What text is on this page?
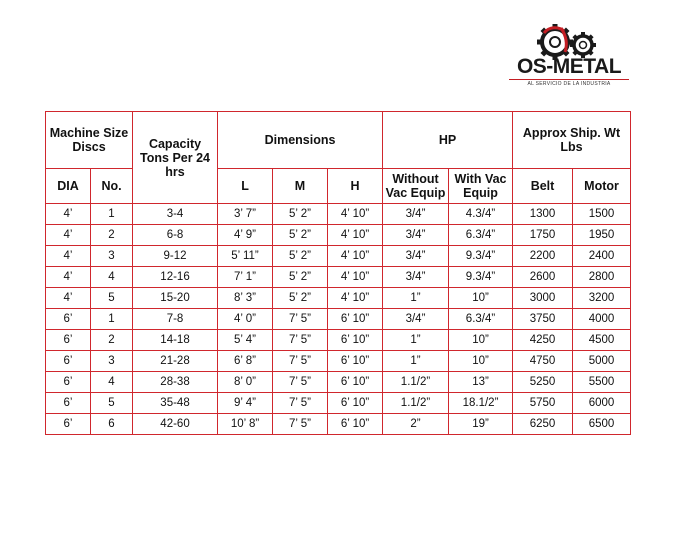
OS-METAL
AL SERVICIO DE LA INDUSTRIA
Machine Size Discs		Capacity Tons Per 24 hrs	Dimensions			HP		Approx Ship. Wt Lbs	
DIA	No.		L	M	H	Without Vac Equip	With Vac Equip	Belt	Motor
4’	1	3-4	3’ 7”	5’ 2”	4’ 10”	3/4”	4.3/4”	1300	1500
4’	2	6-8	4’ 9”	5’ 2”	4’ 10”	3/4”	6.3/4”	1750	1950
4’	3	9-12	5’ 11”	5’ 2”	4’ 10”	3/4”	9.3/4”	2200	2400
4’	4	12-16	7’ 1”	5’ 2”	4’ 10”	3/4”	9.3/4”	2600	2800
4’	5	15-20	8’ 3”	5’ 2”	4’ 10”	1”	10”	3000	3200
6’	1	7-8	4’ 0”	7’ 5”	6’ 10”	3/4”	6.3/4”	3750	4000
6’	2	14-18	5’ 4”	7’ 5”	6’ 10”	1”	10”	4250	4500
6’	3	21-28	6’ 8”	7’ 5”	6’ 10”	1”	10”	4750	5000
6’	4	28-38	8’ 0”	7’ 5”	6’ 10”	1.1/2”	13”	5250	5500
6’	5	35-48	9’ 4”	7’ 5”	6’ 10”	1.1/2”	18.1/2”	5750	6000
6’	6	42-60	10’ 8”	7’ 5”	6’ 10”	2”	19”	6250	6500
